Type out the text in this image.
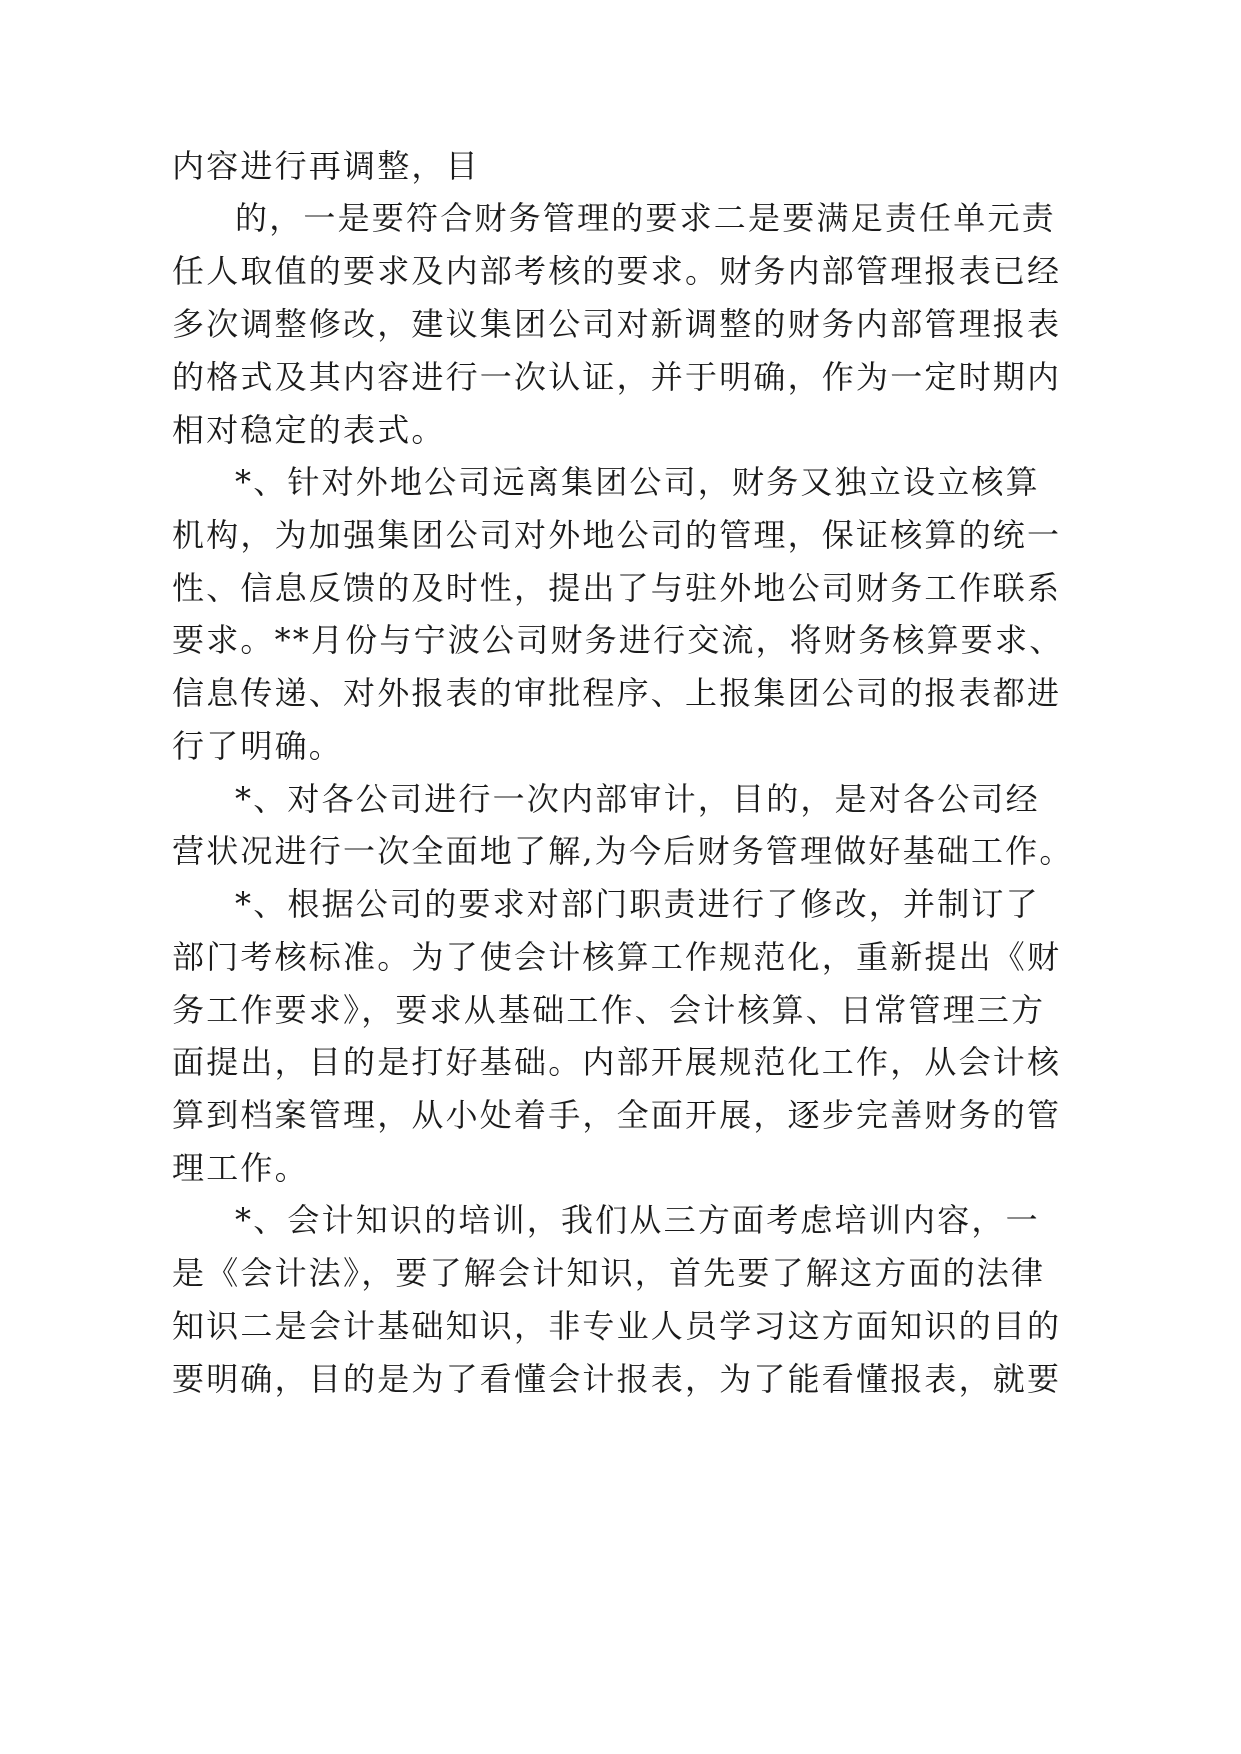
内容进行再调整，目
的，一是要符合财务管理的要求二是要满足责任单元责
任人取值的要求及内部考核的要求。财务内部管理报表已经
多次调整修改，建议集团公司对新调整的财务内部管理报表
的格式及其内容进行一次认证，并于明确，作为一定时期内
相对稳定的表式。
*、针对外地公司远离集团公司，财务又独立设立核算
机构，为加强集团公司对外地公司的管理，保证核算的统一
性、信息反馈的及时性，提出了与驻外地公司财务工作联系
要求。**月份与宁波公司财务进行交流，将财务核算要求、
信息传递、对外报表的审批程序、上报集团公司的报表都进
行了明确。
*、对各公司进行一次内部审计，目的，是对各公司经
营状况进行一次全面地了解,为今后财务管理做好基础工作。
*、根据公司的要求对部门职责进行了修改，并制订了
部门考核标准。为了使会计核算工作规范化，重新提出《财
务工作要求》，要求从基础工作、会计核算、日常管理三方
面提出，目的是打好基础。内部开展规范化工作，从会计核
算到档案管理，从小处着手，全面开展，逐步完善财务的管
理工作。
*、会计知识的培训，我们从三方面考虑培训内容，一
是《会计法》，要了解会计知识，首先要了解这方面的法律
知识二是会计基础知识，非专业人员学习这方面知识的目的
要明确，目的是为了看懂会计报表，为了能看懂报表，就要
